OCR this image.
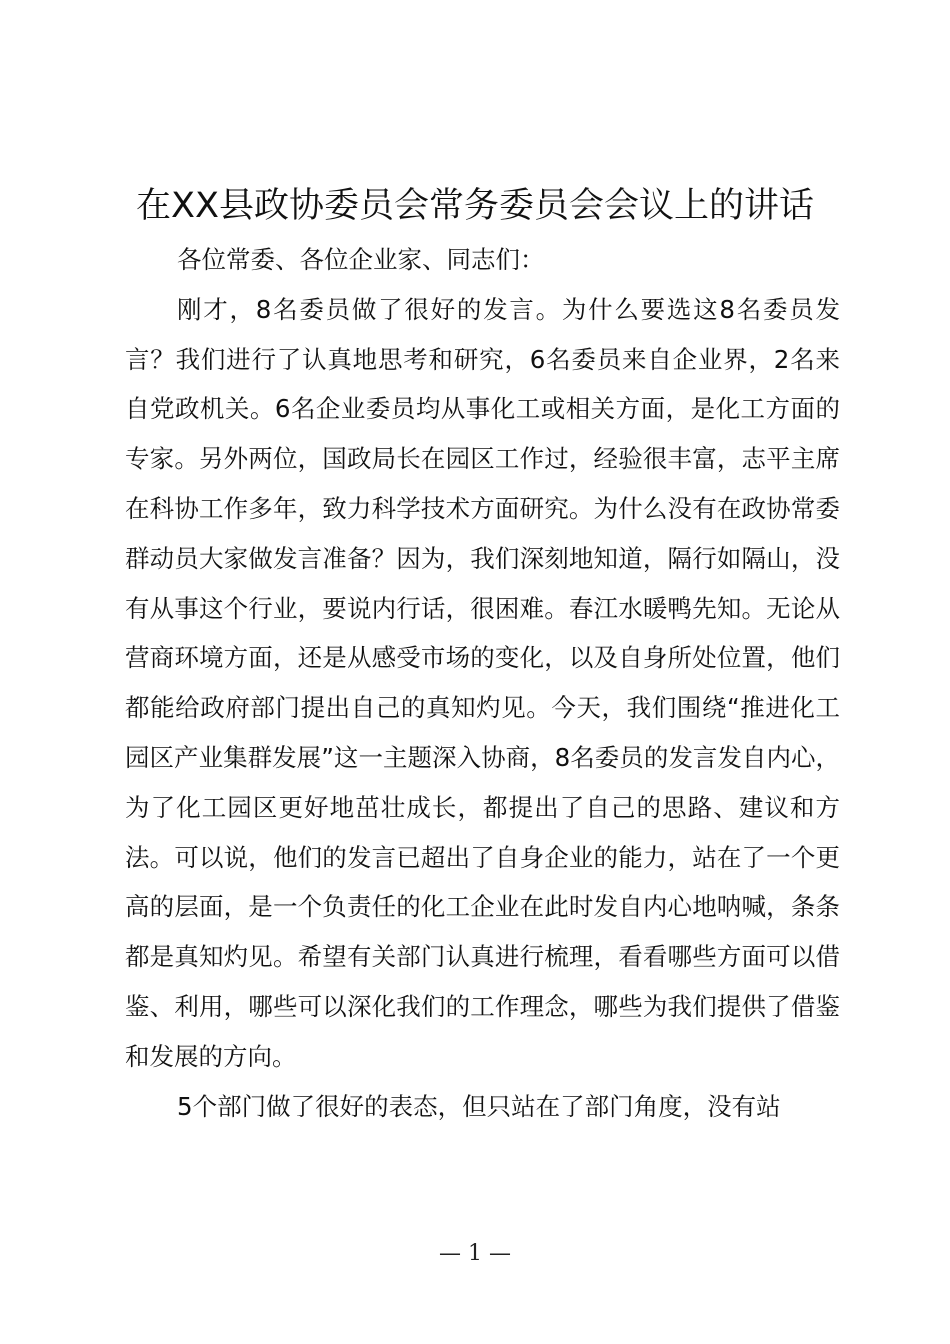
在XX县政协委员会常务委员会会议上的讲话

各位常委、各位企业家、同志们：

刚才，8名委员做了很好的发言。为什么要选这8名委员发言？我们进行了认真地思考和研究，6名委员来自企业界，2名来自党政机关。6名企业委员均从事化工或相关方面，是化工方面的专家。另外两位，国政局长在园区工作过，经验很丰富，志平主席在科协工作多年，致力科学技术方面研究。为什么没有在政协常委群动员大家做发言准备？因为，我们深刻地知道，隔行如隔山，没有从事这个行业，要说内行话，很困难。春江水暖鸭先知。无论从营商环境方面，还是从感受市场的变化，以及自身所处位置，他们都能给政府部门提出自己的真知灼见。今天，我们围绕“推进化工园区产业集群发展”这一主题深入协商，8名委员的发言发自内心，为了化工园区更好地茁壮成长，都提出了自己的思路、建议和方法。可以说，他们的发言已超出了自身企业的能力，站在了一个更高的层面，是一个负责任的化工企业在此时发自内心地呐喊，条条都是真知灼见。希望有关部门认真进行梳理，看看哪些方面可以借鉴、利用，哪些可以深化我们的工作理念，哪些为我们提供了借鉴和发展的方向。

5个部门做了很好的表态，但只站在了部门角度，没有站

— 1 —
